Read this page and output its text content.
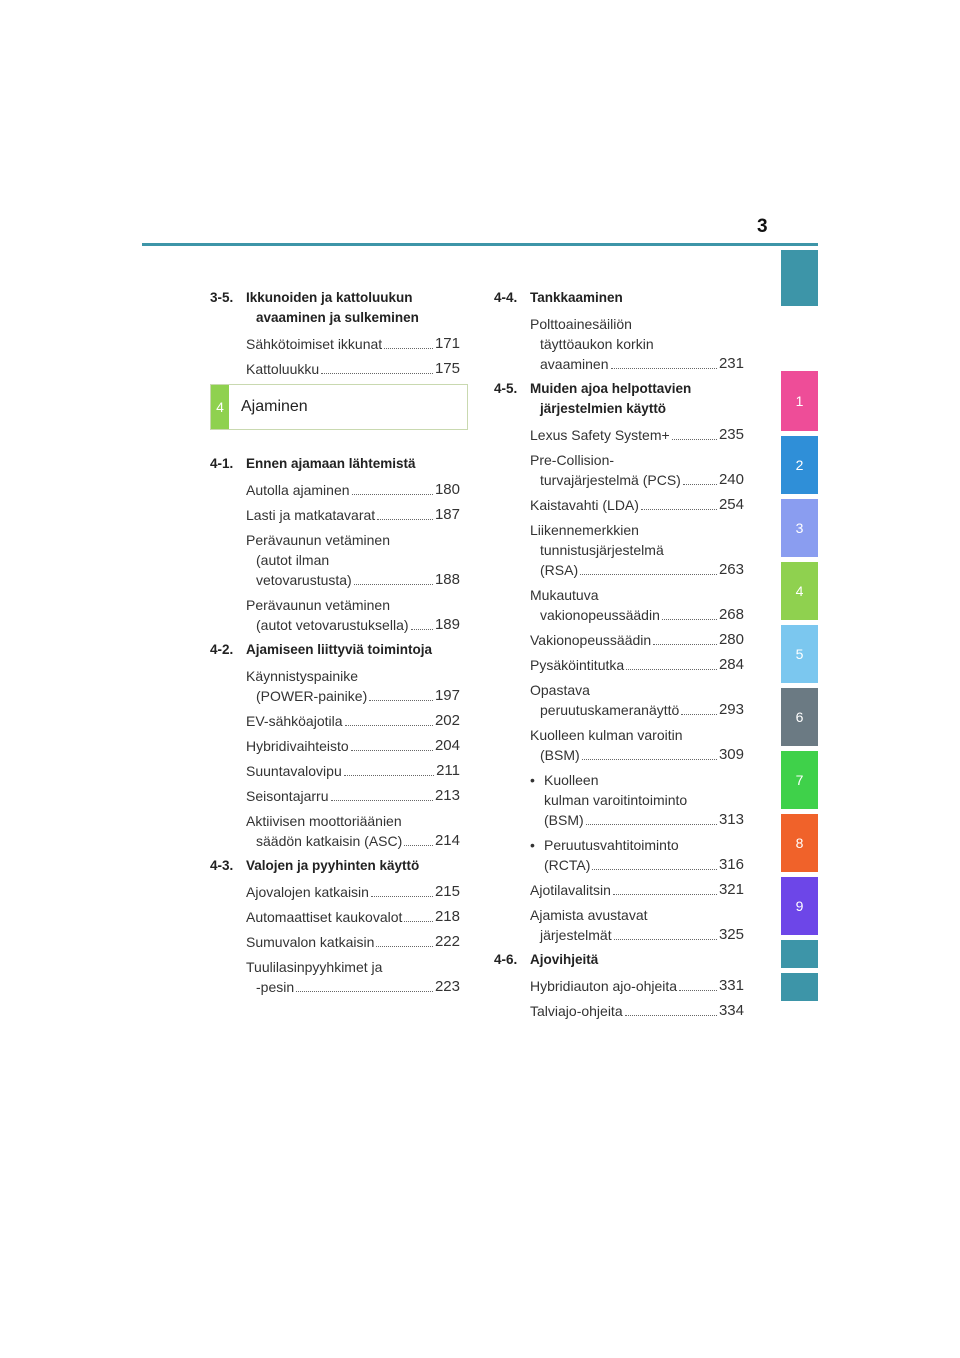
3
1
2
3
4
5
6
7
8
9
3-5. Ikkunoiden ja kattoluukun
avaaminen ja sulkeminen
Sähkötoimiset ikkunat	171
Kattoluukku	175
4	Ajaminen
4-1. Ennen ajamaan lähtemistä
Autolla ajaminen	180
Lasti ja matkatavarat	187
Perävaunun vetäminen
(autot ilman
vetovarustusta)	188
Perävaunun vetäminen
(autot vetovarustuksella) 189
4-2. Ajamiseen liittyviä toimintoja
Käynnistyspainike
(POWER-painike)	197
EV-sähköajotila	202
Hybridivaihteisto	204
Suuntavalovipu	211
Seisontajarru	213
Aktiivisen moottoriäänien
säädön katkaisin (ASC) 214
4-3. Valojen ja pyyhinten käyttö
Ajovalojen katkaisin	215
Automaattiset kaukovalot 218
Sumuvalon katkaisin	222
Tuulilasinpyyhkimet ja
-pesin	223
4-4. Tankkaaminen
Polttoainesäiliön
täyttöaukon korkin
avaaminen	231
4-5. Muiden ajoa helpottavien
järjestelmien käyttö
Lexus Safety System+	235
Pre-Collision-
turvajärjestelmä (PCS)	240
Kaistavahti (LDA)	254
Liikennemerkkien
tunnistusjärjestelmä
(RSA)	263
Mukautuva
vakionopeussäädin	268
Vakionopeussäädin	280
Pysäköintitutka	284
Opastava
peruutuskameranäyttö	293
Kuolleen kulman varoitin
(BSM)	309
• Kuolleen
kulman varoitintoiminto
(BSM)	313
• Peruutusvahtitoiminto
(RCTA)	316
Ajotilavalitsin	321
Ajamista avustavat
järjestelmät	325
4-6. Ajovihjeitä
Hybridiauton ajo-ohjeita	331
Talviajo-ohjeita	334
